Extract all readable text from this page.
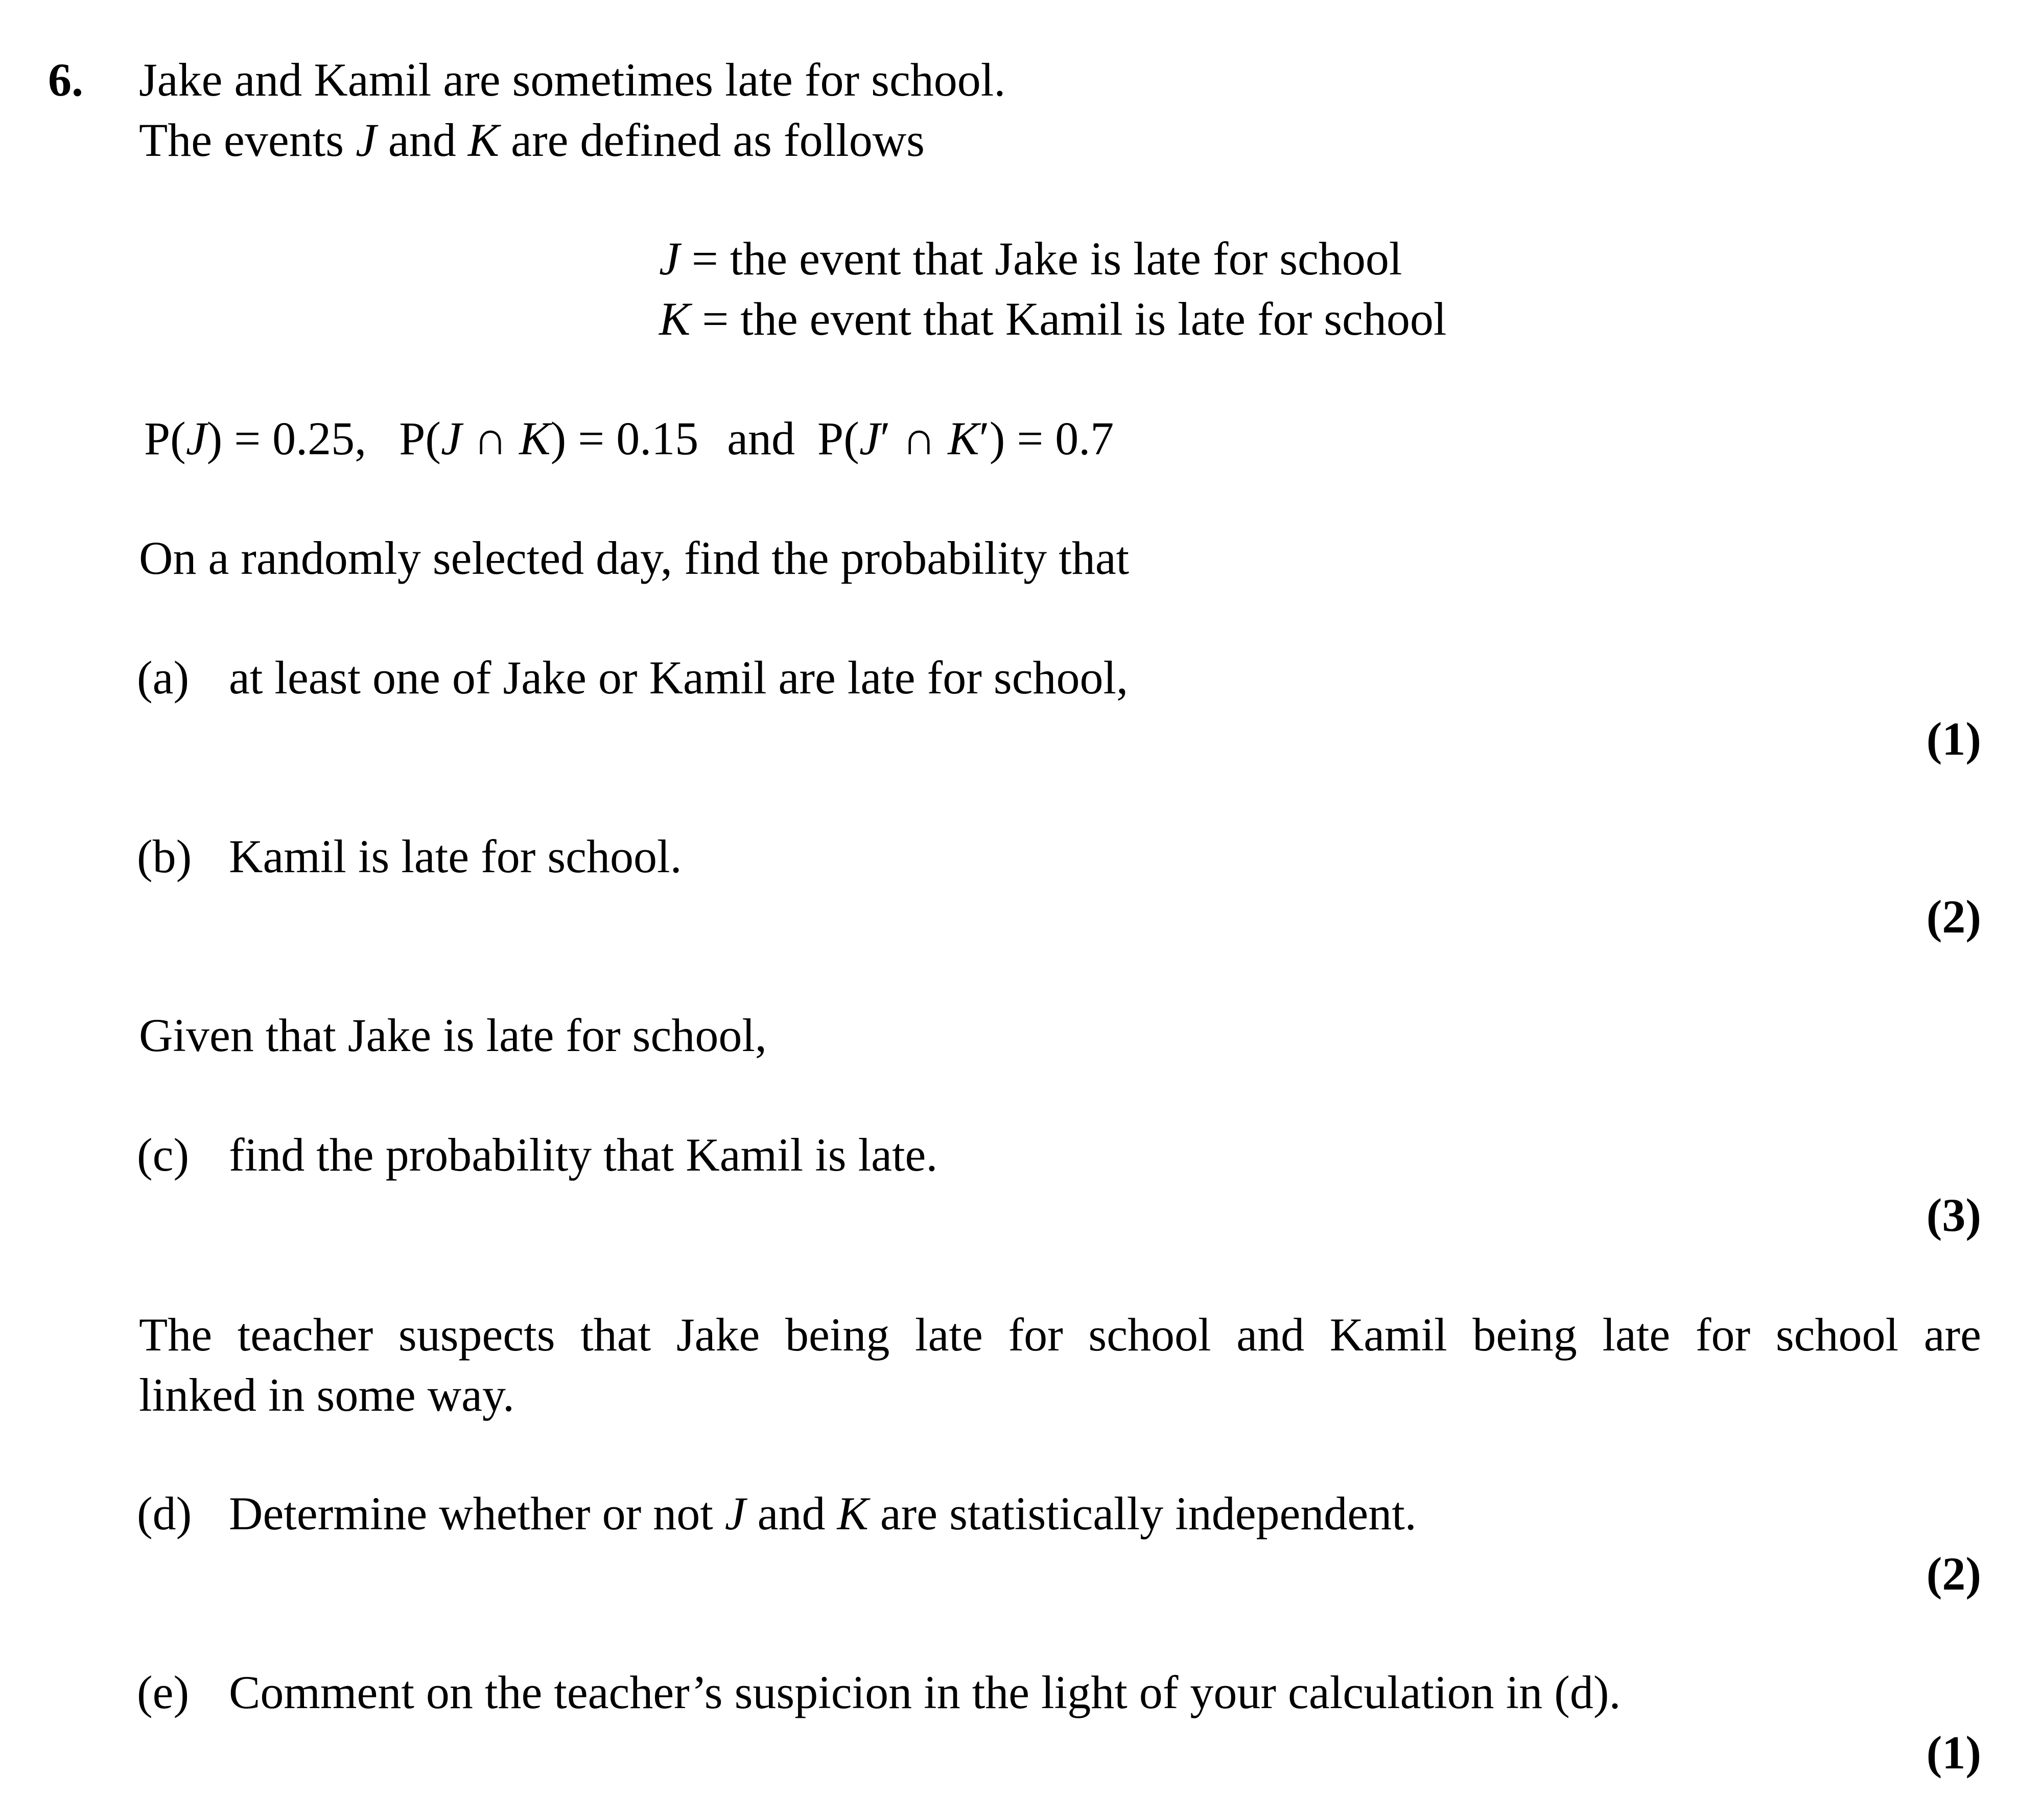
6. Jake and Kamil are sometimes late for school.
The events J and K are defined as follows
J = the event that Jake is late for school
K = the event that Kamil is late for school
P(J) = 0.25, P(J ∩ K) = 0.15 and P(J′ ∩ K′) = 0.7
On a randomly selected day, find the probability that
(a) at least one of Jake or Kamil are late for school,
(1)
(b) Kamil is late for school.
(2)
Given that Jake is late for school,
(c) find the probability that Kamil is late.
(3)
The teacher suspects that Jake being late for school and Kamil being late for school are
linked in some way.
(d) Determine whether or not J and K are statistically independent.
(2)
(e) Comment on the teacher’s suspicion in the light of your calculation in (d).
(1)
